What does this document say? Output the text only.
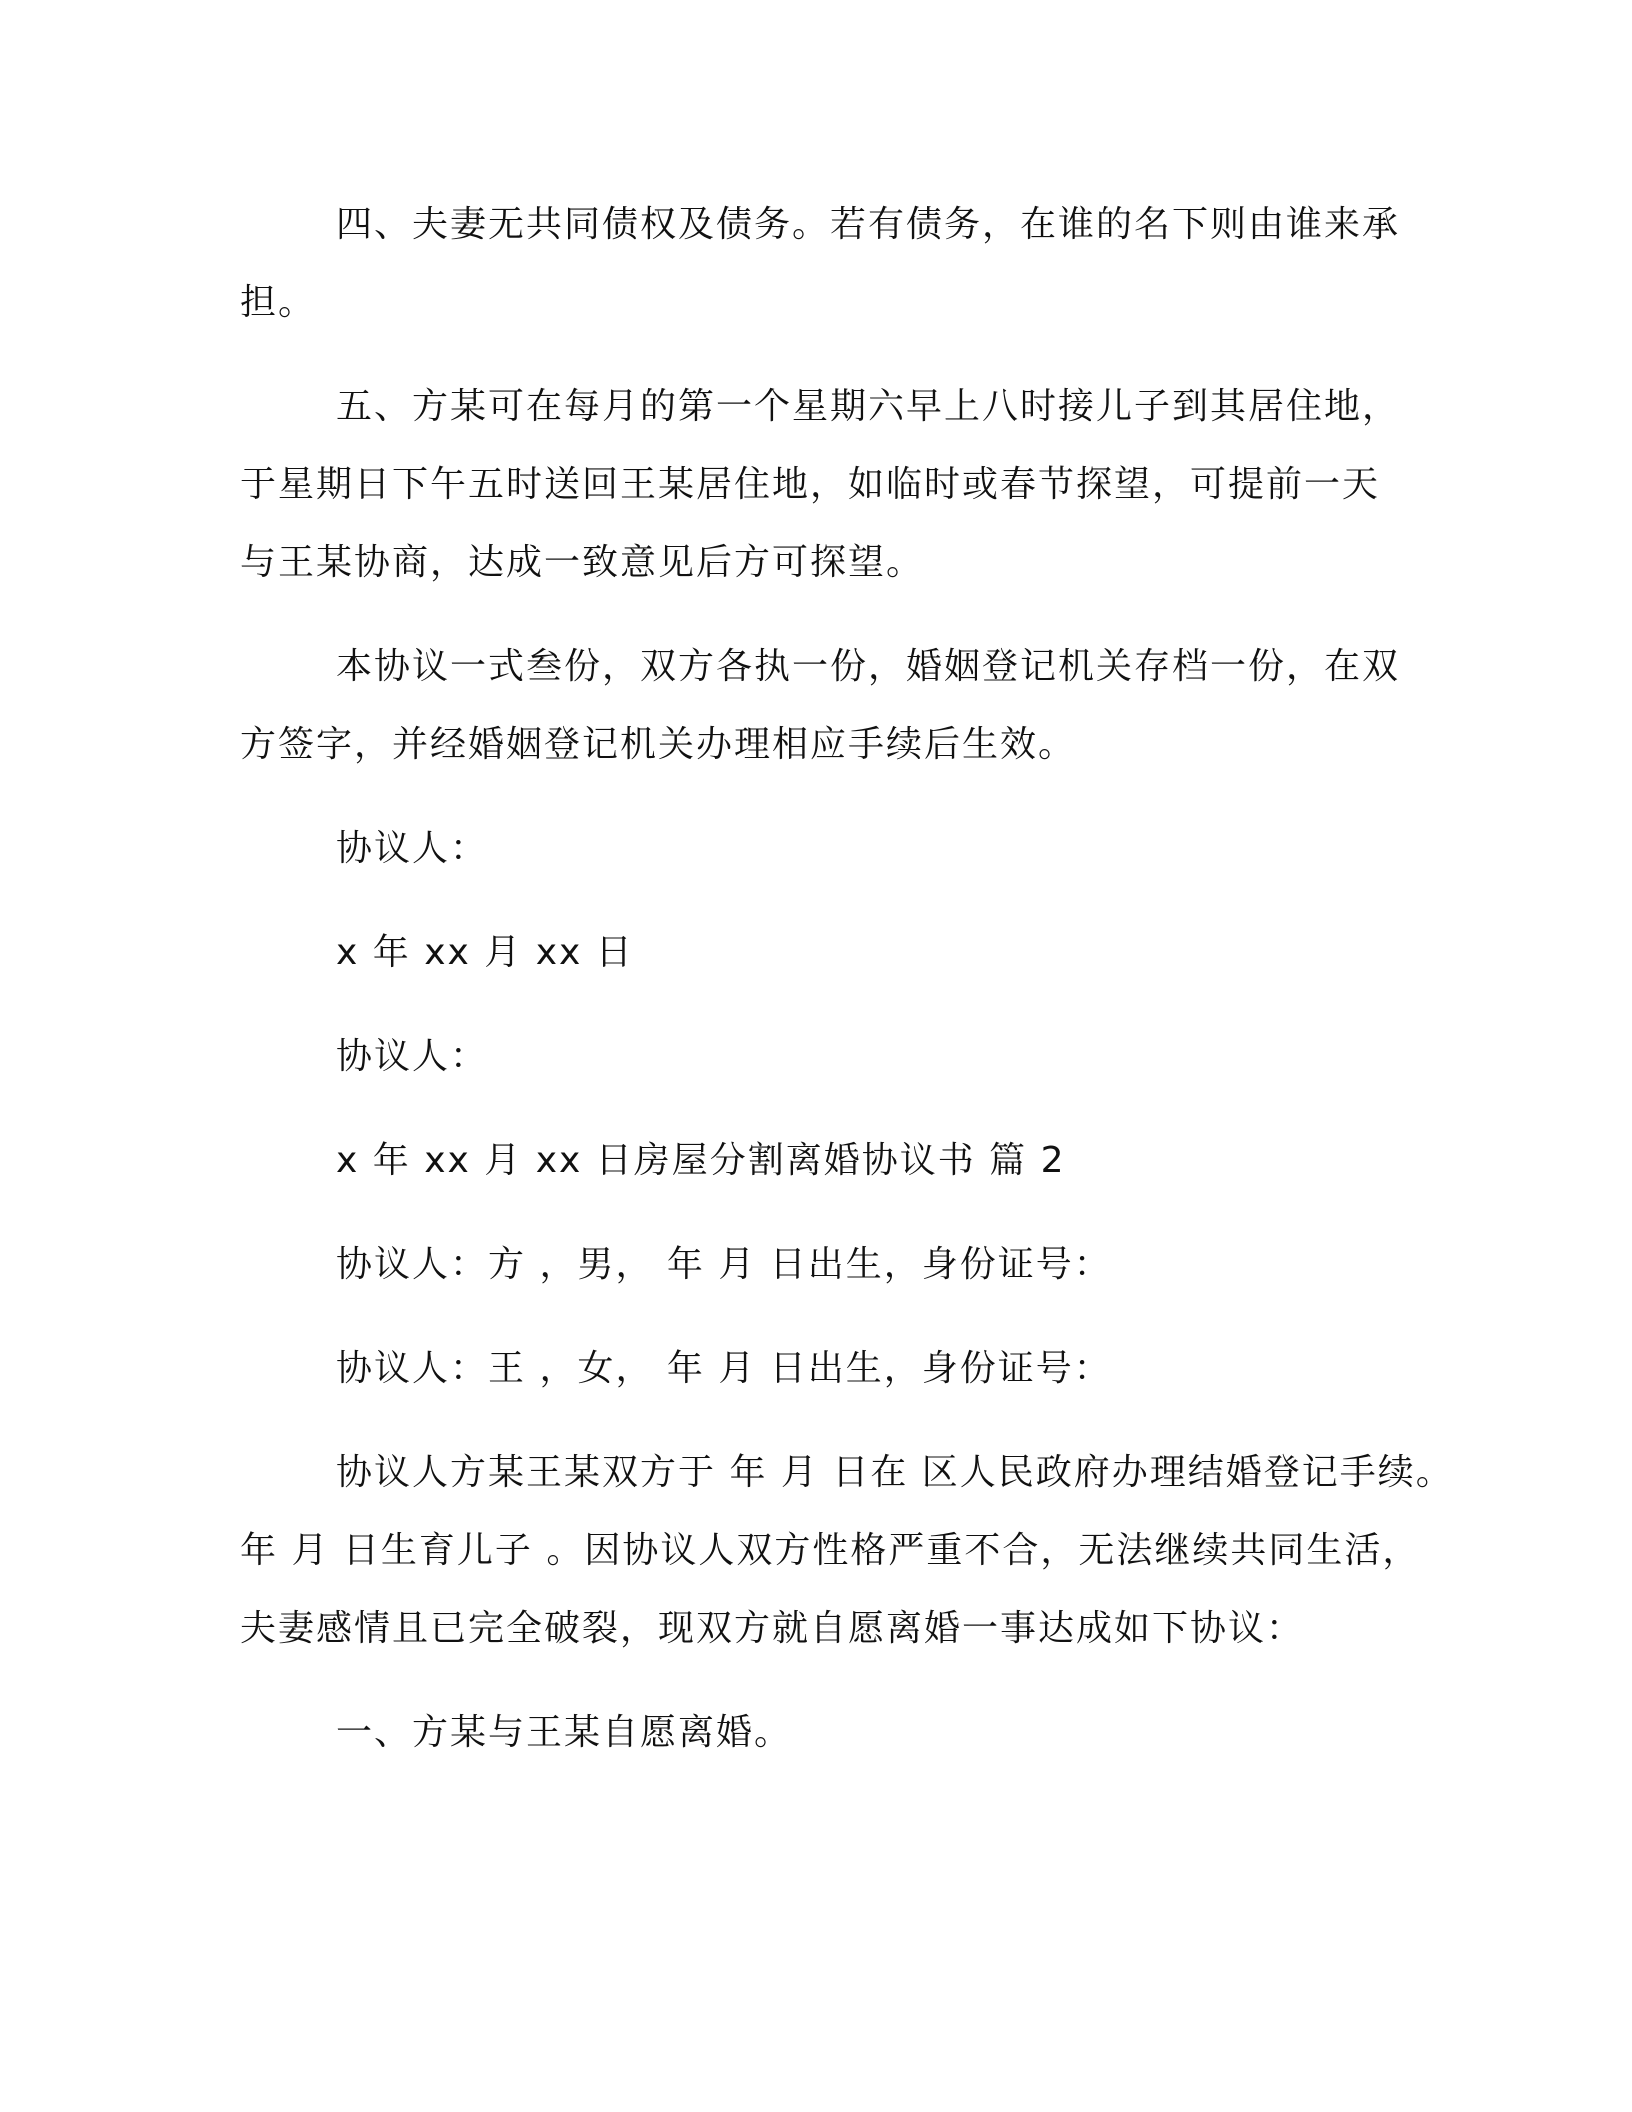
四、夫妻无共同债权及债务。若有债务，在谁的名下则由谁来承
担。
五、方某可在每月的第一个星期六早上八时接儿子到其居住地，
于星期日下午五时送回王某居住地，如临时或春节探望，可提前一天
与王某协商，达成一致意见后方可探望。
本协议一式叁份，双方各执一份，婚姻登记机关存档一份，在双
方签字，并经婚姻登记机关办理相应手续后生效。
协议人：
x 年 xx 月 xx 日
协议人：
x 年 xx 月 xx 日房屋分割离婚协议书 篇 2
协议人：方 ，男， 年 月 日出生，身份证号：
协议人：王 ，女， 年 月 日出生，身份证号：
协议人方某王某双方于 年 月 日在 区人民政府办理结婚登记手续。
年 月 日生育儿子 。因协议人双方性格严重不合，无法继续共同生活，
夫妻感情且已完全破裂，现双方就自愿离婚一事达成如下协议：
一、方某与王某自愿离婚。
